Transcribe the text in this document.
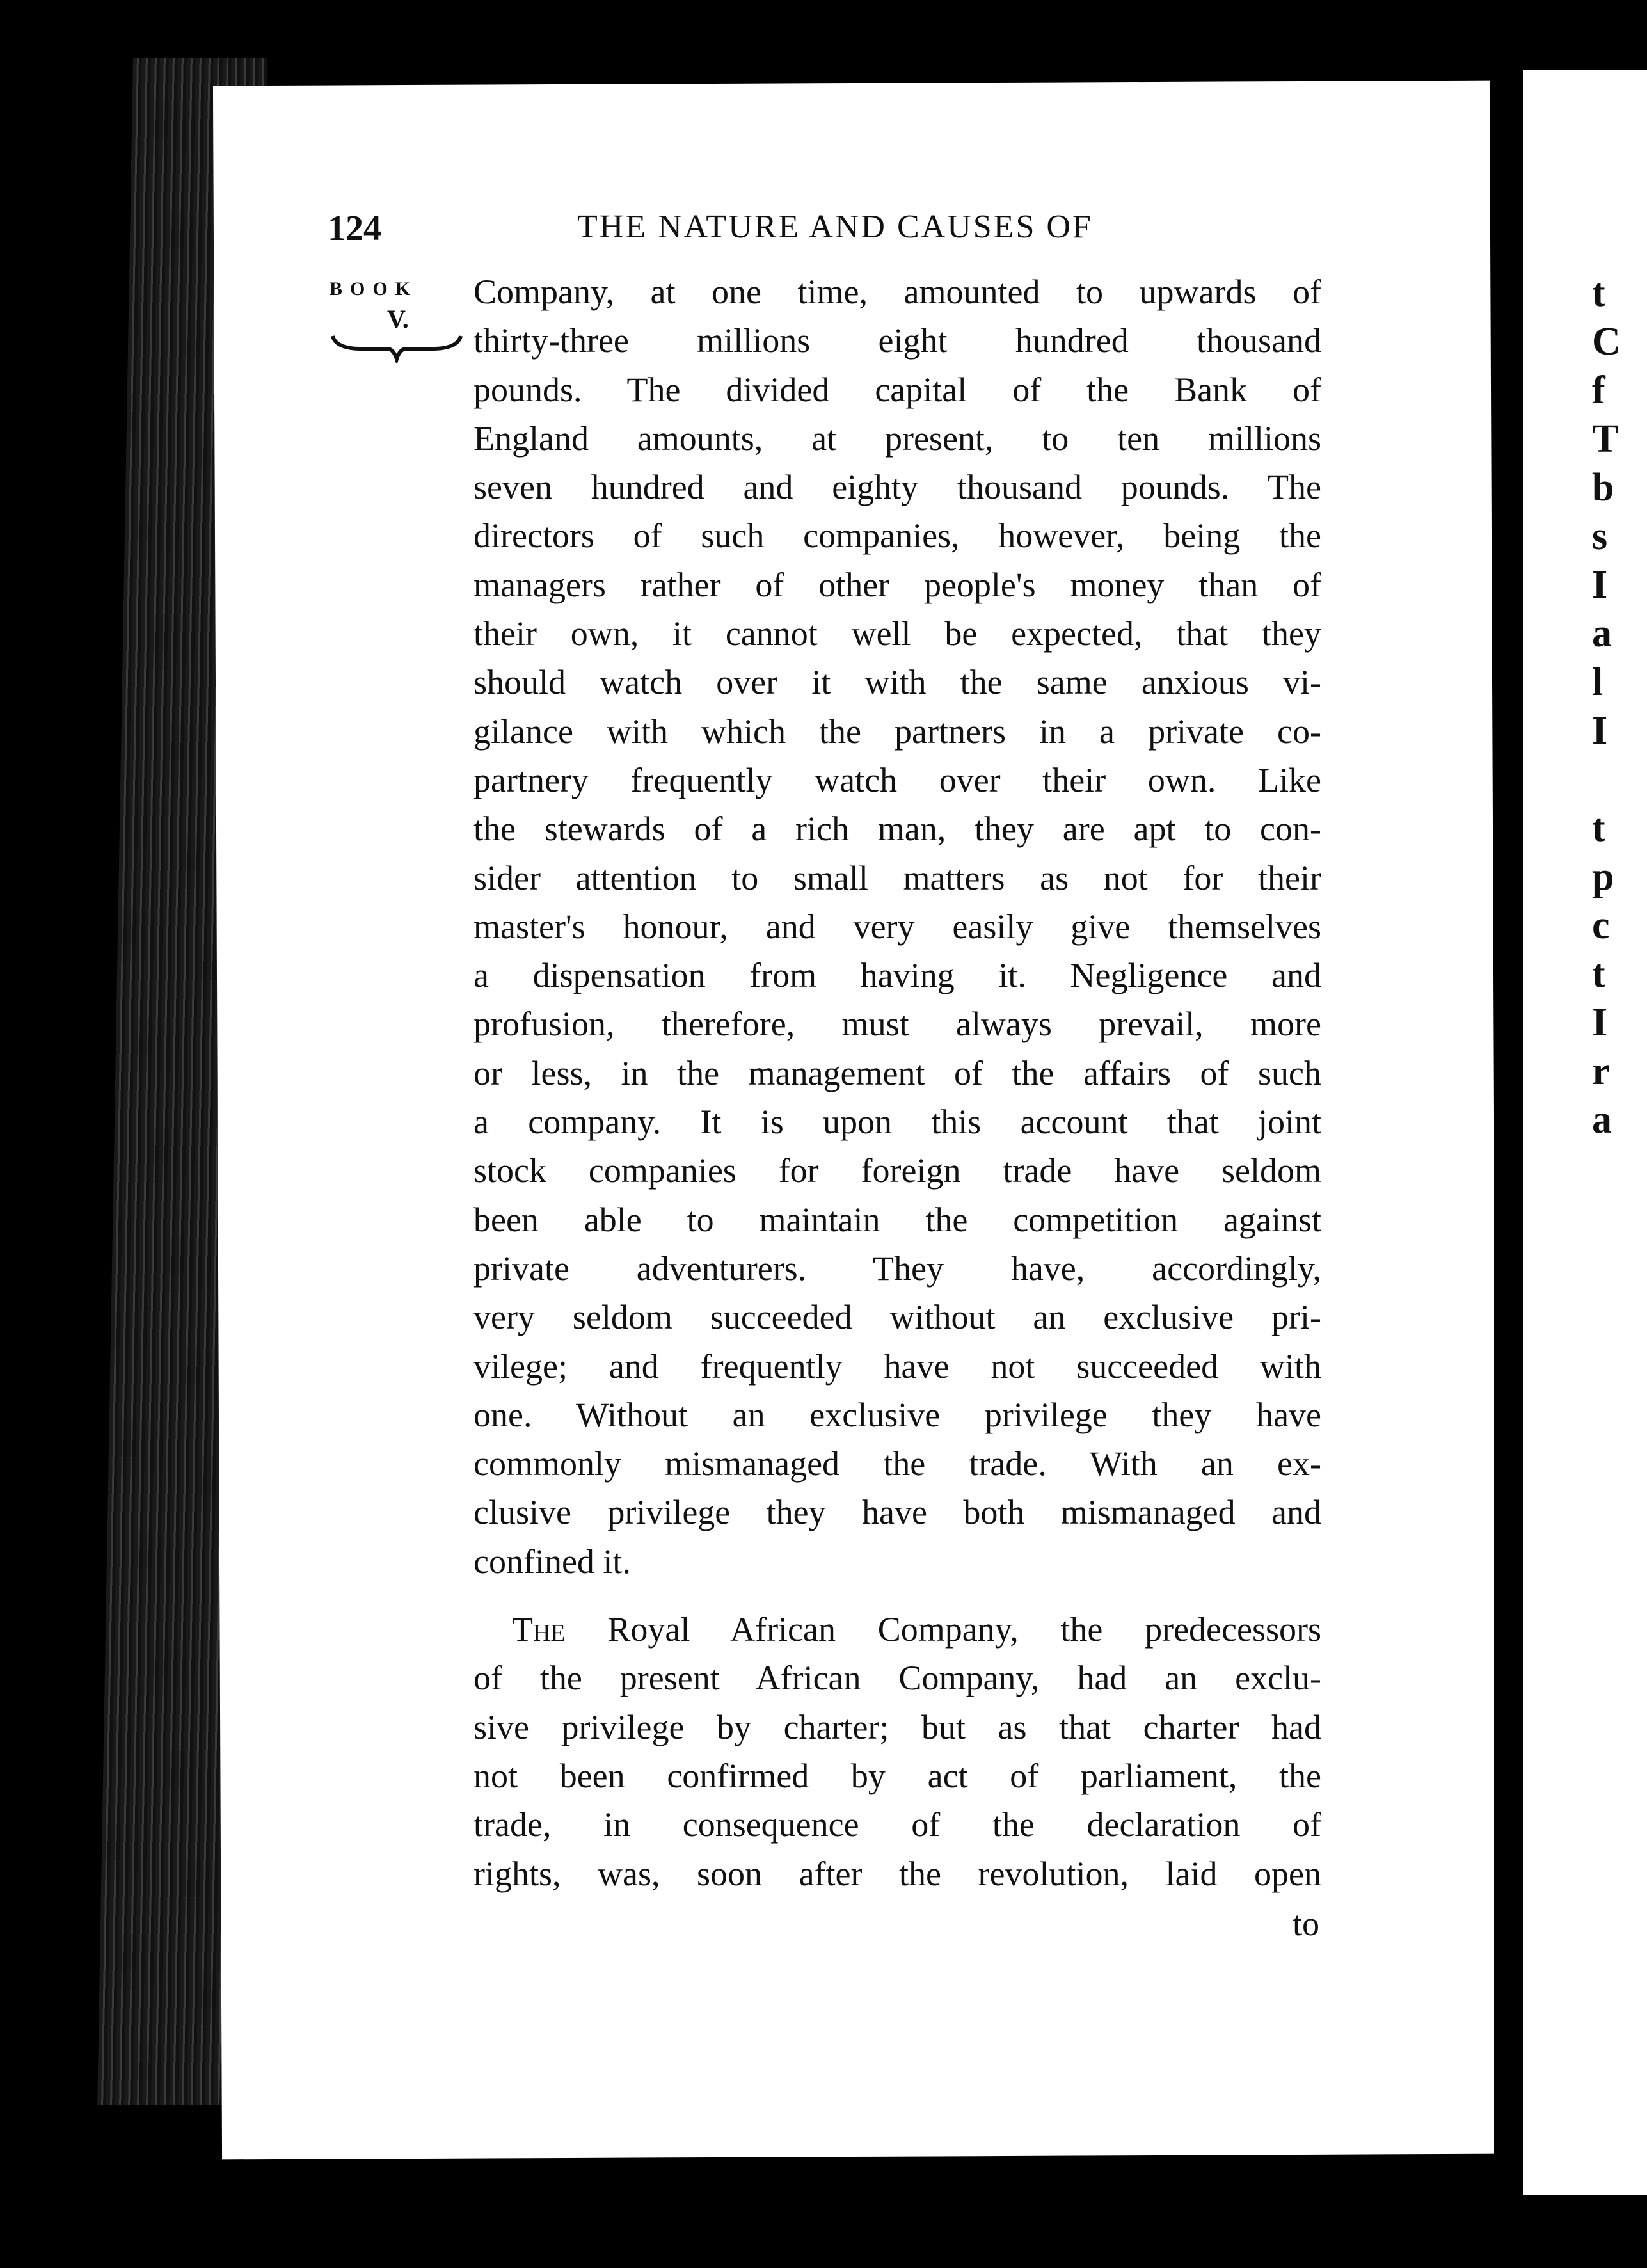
t
C
f
T
b
s
I
a
l
I
t
p
c
t
I
r
a
124	THE NATURE AND CAUSES OF
BOOK
V.
Company, at one time, amounted to upwards of
thirty-three millions eight hundred thousand
pounds. The divided capital of the Bank of
England amounts, at present, to ten millions
seven hundred and eighty thousand pounds. The
directors of such companies, however, being the
managers rather of other people's money than of
their own, it cannot well be expected, that they
should watch over it with the same anxious vi-
gilance with which the partners in a private co-
partnery frequently watch over their own. Like
the stewards of a rich man, they are apt to con-
sider attention to small matters as not for their
master's honour, and very easily give themselves
a dispensation from having it. Negligence and
profusion, therefore, must always prevail, more
or less, in the management of the affairs of such
a company. It is upon this account that joint
stock companies for foreign trade have seldom
been able to maintain the competition against
private adventurers. They have, accordingly,
very seldom succeeded without an exclusive pri-
vilege; and frequently have not succeeded with
one. Without an exclusive privilege they have
commonly mismanaged the trade. With an ex-
clusive privilege they have both mismanaged and
confined it.
The Royal African Company, the predecessors
of the present African Company, had an exclu-
sive privilege by charter; but as that charter had
not been confirmed by act of parliament, the
trade, in consequence of the declaration of
rights, was, soon after the revolution, laid open
to
